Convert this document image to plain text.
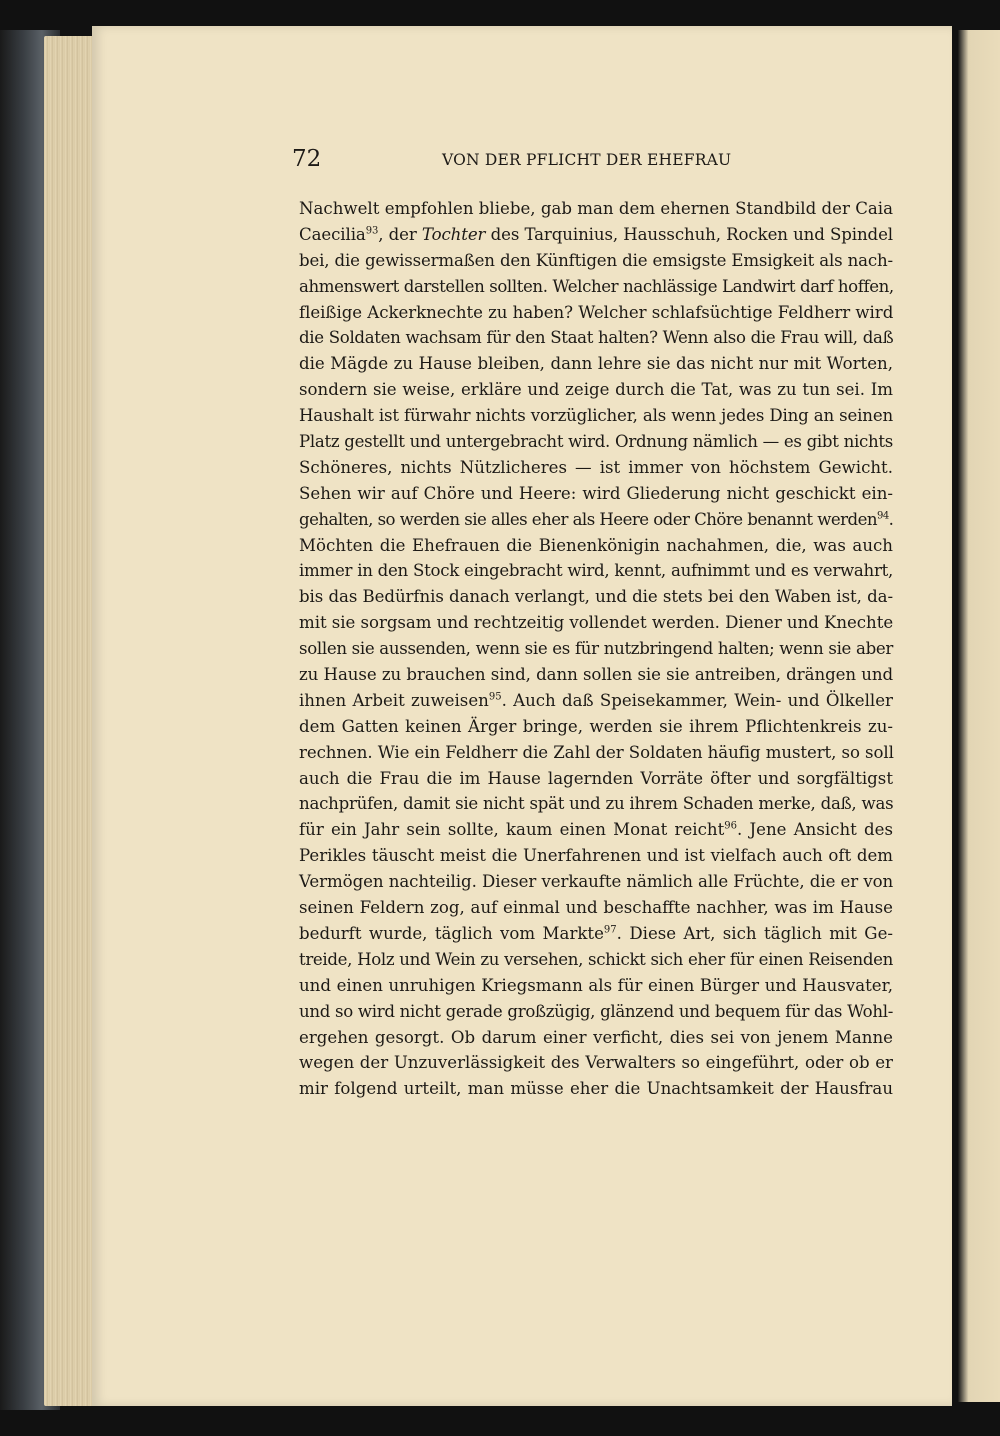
72	VON DER PFLICHT DER EHEFRAU
Nachwelt empfohlen bliebe, gab man dem ehernen Standbild der Caia
Caecilia$^{93}$, der Tochter des Tarquinius, Hausschuh, Rocken und Spindel
bei, die gewissermaßen den Künftigen die emsigste Emsigkeit als nach-
ahmenswert darstellen sollten. Welcher nachlässige Landwirt darf hoffen,
fleißige Ackerknechte zu haben? Welcher schlafsüchtige Feldherr wird
die Soldaten wachsam für den Staat halten? Wenn also die Frau will, daß
die Mägde zu Hause bleiben, dann lehre sie das nicht nur mit Worten,
sondern sie weise, erkläre und zeige durch die Tat, was zu tun sei. Im
Haushalt ist fürwahr nichts vorzüglicher, als wenn jedes Ding an seinen
Platz gestellt und untergebracht wird. Ordnung nämlich — es gibt nichts
Schöneres, nichts Nützlicheres — ist immer von höchstem Gewicht.
Sehen wir auf Chöre und Heere: wird Gliederung nicht geschickt ein-
gehalten, so werden sie alles eher als Heere oder Chöre benannt werden$^{94}$.
Möchten die Ehefrauen die Bienenkönigin nachahmen, die, was auch
immer in den Stock eingebracht wird, kennt, aufnimmt und es verwahrt,
bis das Bedürfnis danach verlangt, und die stets bei den Waben ist, da-
mit sie sorgsam und rechtzeitig vollendet werden. Diener und Knechte
sollen sie aussenden, wenn sie es für nutzbringend halten; wenn sie aber
zu Hause zu brauchen sind, dann sollen sie sie antreiben, drängen und
ihnen Arbeit zuweisen$^{95}$. Auch daß Speisekammer, Wein- und Ölkeller
dem Gatten keinen Ärger bringe, werden sie ihrem Pflichtenkreis zu-
rechnen. Wie ein Feldherr die Zahl der Soldaten häufig mustert, so soll
auch die Frau die im Hause lagernden Vorräte öfter und sorgfältigst
nachprüfen, damit sie nicht spät und zu ihrem Schaden merke, daß, was
für ein Jahr sein sollte, kaum einen Monat reicht$^{96}$. Jene Ansicht des
Perikles täuscht meist die Unerfahrenen und ist vielfach auch oft dem
Vermögen nachteilig. Dieser verkaufte nämlich alle Früchte, die er von
seinen Feldern zog, auf einmal und beschaffte nachher, was im Hause
bedurft wurde, täglich vom Markte$^{97}$. Diese Art, sich täglich mit Ge-
treide, Holz und Wein zu versehen, schickt sich eher für einen Reisenden
und einen unruhigen Kriegsmann als für einen Bürger und Hausvater,
und so wird nicht gerade großzügig, glänzend und bequem für das Wohl-
ergehen gesorgt. Ob darum einer verficht, dies sei von jenem Manne
wegen der Unzuverlässigkeit des Verwalters so eingeführt, oder ob er
mir folgend urteilt, man müsse eher die Unachtsamkeit der Hausfrau
